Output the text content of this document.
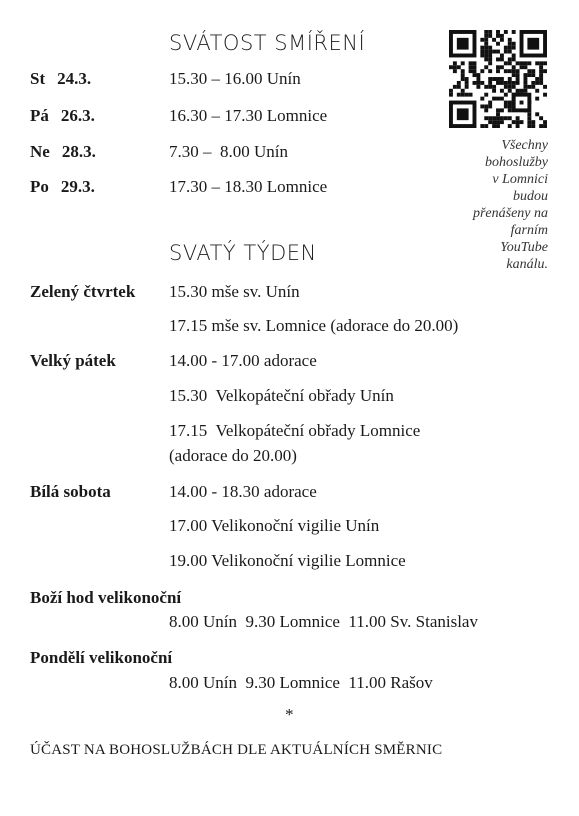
SVÁTOST SMÍŘENÍ
St 24.3.	15.30 – 16.00 Unín
Pá 26.3.	16.30 – 17.30 Lomnice
Ne 28.3.	7.30 –  8.00 Unín
Po 29.3.	17.30 – 18.30 Lomnice
Všechny
bohoslužby
v Lomnici
budou
přenášeny na
farním
YouTube
kanálu.
SVATÝ TÝDEN
Zelený čtvrtek 15.30 mše sv. Unín
17.15 mše sv. Lomnice (adorace do 20.00)
Velký pátek	14.00 - 17.00 adorace
15.30  Velkopáteční obřady Unín
17.15  Velkopáteční obřady Lomnice
(adorace do 20.00)
Bílá sobota	14.00 - 18.30 adorace
17.00 Velikonoční vigilie Unín
19.00 Velikonoční vigilie Lomnice
Boží hod velikonoční
8.00 Unín  9.30 Lomnice  11.00 Sv. Stanislav
Pondělí velikonoční
8.00 Unín  9.30 Lomnice  11.00 Rašov
*
ÚČAST NA BOHOSLUŽBÁCH DLE AKTUÁLNÍCH SMĚRNIC
